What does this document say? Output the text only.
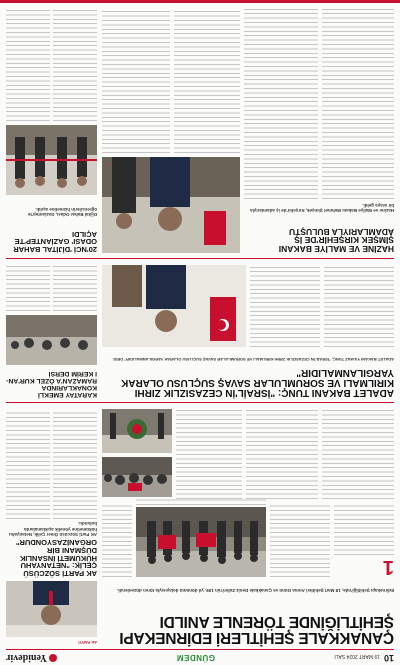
10
19 MART 2024 SALI
GÜNDEM
Yenidevir
ÇANAKKALE ŞEHİTLERİ EDİRNEKAPI ŞEHİTLİĞİNDE TÖRENLE ANILDI
Edirnekapı Şehitliği'nde, 18 Mart Şehitleri Anma Günü ve Çanakkale Deniz Zaferi'nin 109. yıl dönümü dolayısıyla tören düzenlendi.
1
AK PARTİ
AK PARTİ SÖZCÜSÜ ÇELİK: "NETANYAHU HÜKÜMETİ İNSANLIK DÜŞMANI BİR ORGANİZASYONDUR"
AK Parti Sözcüsü Ömer Çelik, Netanyahu hükümetine yönelik açıklamalarda bulundu.
ADALET BAKANI TUNÇ: "İSRAİL'İN CEZASIZLIK ZIRHI KIRILMALI VE SORUMLULAR SAVAŞ SUÇLUSU OLARAK YARGILANMALIDIR"
ADALET BAKANI YILMAZ TUNÇ, "İSRAİL'İN CEZASIZLIK ZIRHI KIRILMALI VE SORUMLULAR SAVAŞ SUÇLUSU OLARAK YARGILANMALIDIR" DEDİ.
KARATAY EMEKLİ KONAKLARINDA RAMAZAN'A ÖZEL KUR'AN-I KERİM DERSİ
HAZİNE VE MALİYE BAKANI ŞİMŞEK KIRŞEHİR'DE İŞ ADAMLARIYLA BULUŞTU
Hazine ve Maliye Bakanı Mehmet Şimşek, Kırşehir'de iş adamlarıyla bir araya geldi.
20'NCİ 'DİJİTAL BAHAR ODASI' GAZİANTEP'TE AÇILDI
Dijital Bahar Odası, Gaziantep'te öğrencilerin hizmetine açıldı.
